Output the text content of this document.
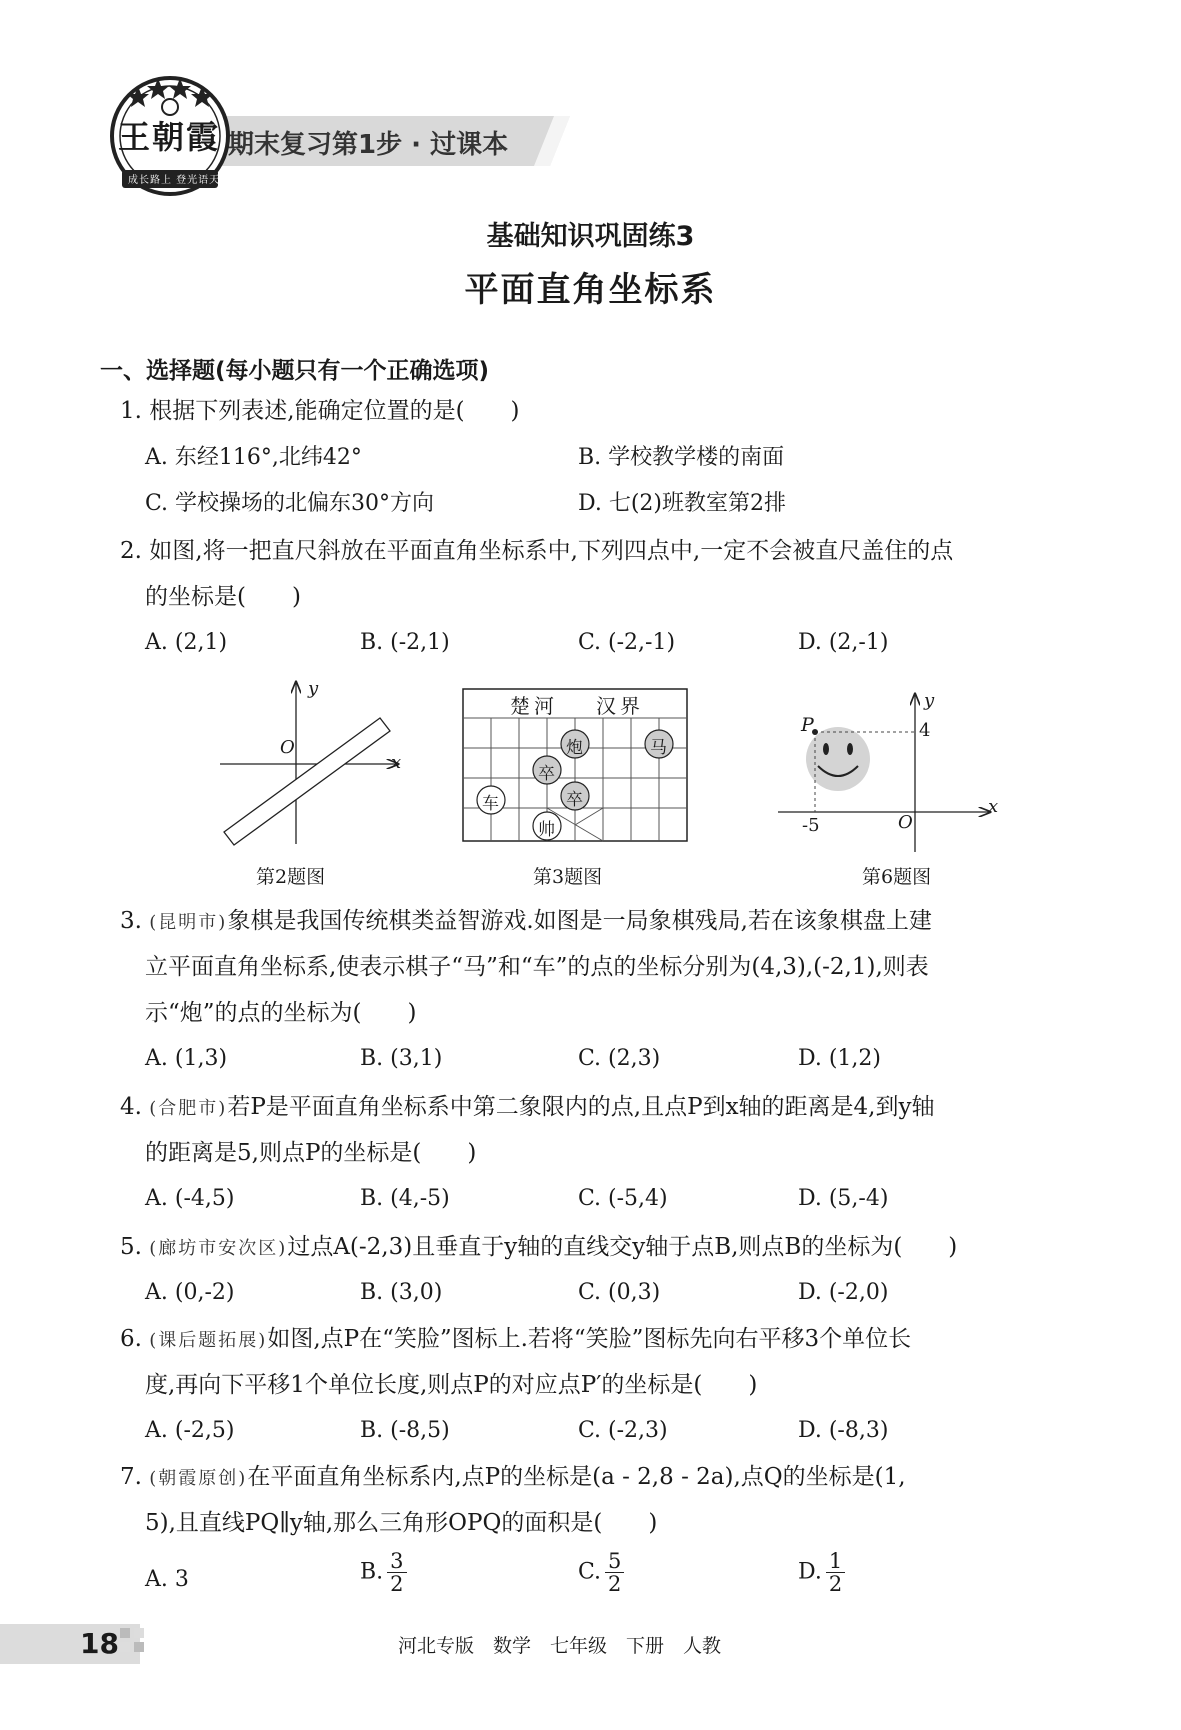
期末复习第1步 · 过课本
王朝霞
成长路上 登光语天
基础知识巩固练3
平面直角坐标系
一、选择题(每小题只有一个正确选项)
1. 根据下列表述,能确定位置的是(　　)
A. 东经116°,北纬42°	B. 学校教学楼的南面
C. 学校操场的北偏东30°方向	D. 七(2)班教室第2排
2. 如图,将一把直尺斜放在平面直角坐标系中,下列四点中,一定不会被直尺盖住的点
的坐标是(　　)
A. (2,1)	B. (-2,1)	C. (-2,-1)	D. (2,-1)
y
x
O
第2题图
楚河 汉界
炮	马
卒
卒
车
帅
第3题图
y
x
O
P	4
-5
第6题图
3. (昆明市)象棋是我国传统棋类益智游戏.如图是一局象棋残局,若在该象棋盘上建
立平面直角坐标系,使表示棋子“马”和“车”的点的坐标分别为(4,3),(-2,1),则表
示“炮”的点的坐标为(　　)
A. (1,3)	B. (3,1)	C. (2,3)	D. (1,2)
4. (合肥市)若P是平面直角坐标系中第二象限内的点,且点P到x轴的距离是4,到y轴
的距离是5,则点P的坐标是(　　)
A. (-4,5)	B. (4,-5)	C. (-5,4)	D. (5,-4)
5. (廊坊市安次区)过点A(-2,3)且垂直于y轴的直线交y轴于点B,则点B的坐标为(　　)
A. (0,-2)	B. (3,0)	C. (0,3)	D. (-2,0)
6. (课后题拓展)如图,点P在“笑脸”图标上.若将“笑脸”图标先向右平移3个单位长
度,再向下平移1个单位长度,则点P的对应点P′的坐标是(　　)
A. (-2,5)	B. (-8,5)	C. (-2,3)	D. (-8,3)
7. (朝霞原创)在平面直角坐标系内,点P的坐标是(a - 2,8 - 2a),点Q的坐标是(1,
5),且直线PQ∥y轴,那么三角形OPQ的面积是(　　)
A. 3	B. $\frac{3}{2}$	C. $\frac{5}{2}$	D. $\frac{1}{2}$
18	河北专版　数学　七年级　下册　人教
